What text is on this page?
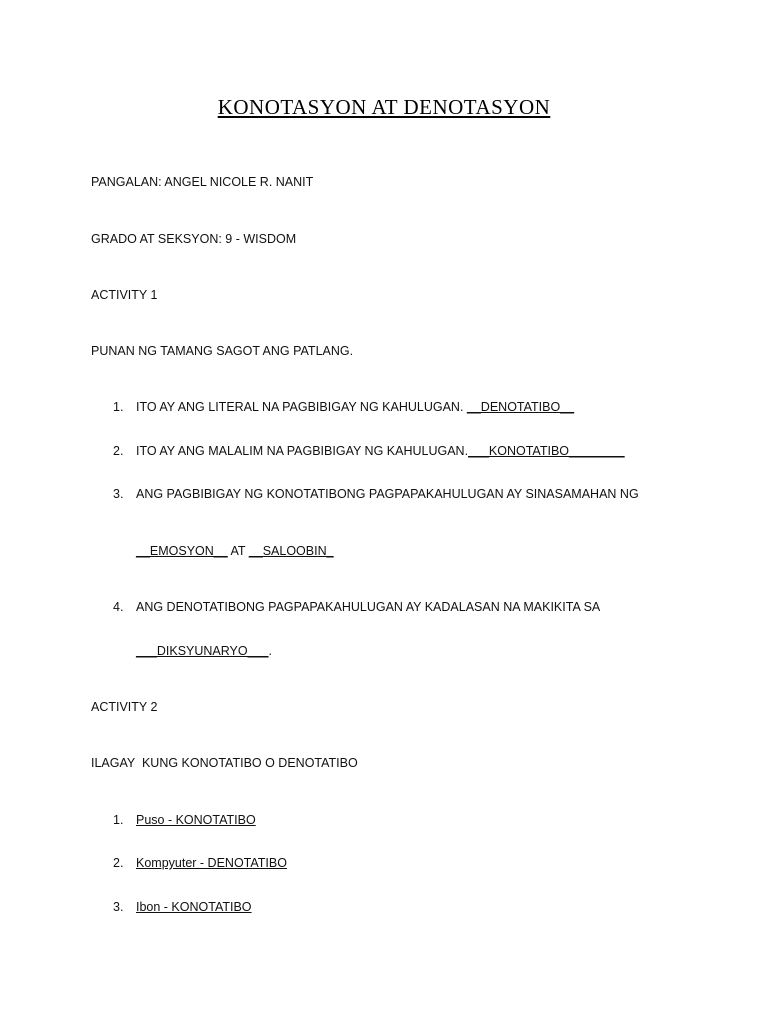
KONOTASYON AT DENOTASYON
PANGALAN: ANGEL NICOLE R. NANIT
GRADO AT SEKSYON: 9 - WISDOM
ACTIVITY 1
PUNAN NG TAMANG SAGOT ANG PATLANG.
1. ITO AY ANG LITERAL NA PAGBIBIGAY NG KAHULUGAN. __DENOTATIBO__
2. ITO AY ANG MALALIM NA PAGBIBIGAY NG KAHULUGAN.___KONOTATIBO________
3. ANG PAGBIBIGAY NG KONOTATIBONG PAGPAPAKAHULUGAN AY SINASAMAHAN NG
__EMOSYON__ AT __SALOOBIN_
4. ANG DENOTATIBONG PAGPAPAKAHULUGAN AY KADALASAN NA MAKIKITA SA
___DIKSYUNARYO___.
ACTIVITY 2
ILAGAY  KUNG KONOTATIBO O DENOTATIBO
1. Puso - KONOTATIBO
2. Kompyuter - DENOTATIBO
3. Ibon - KONOTATIBO
